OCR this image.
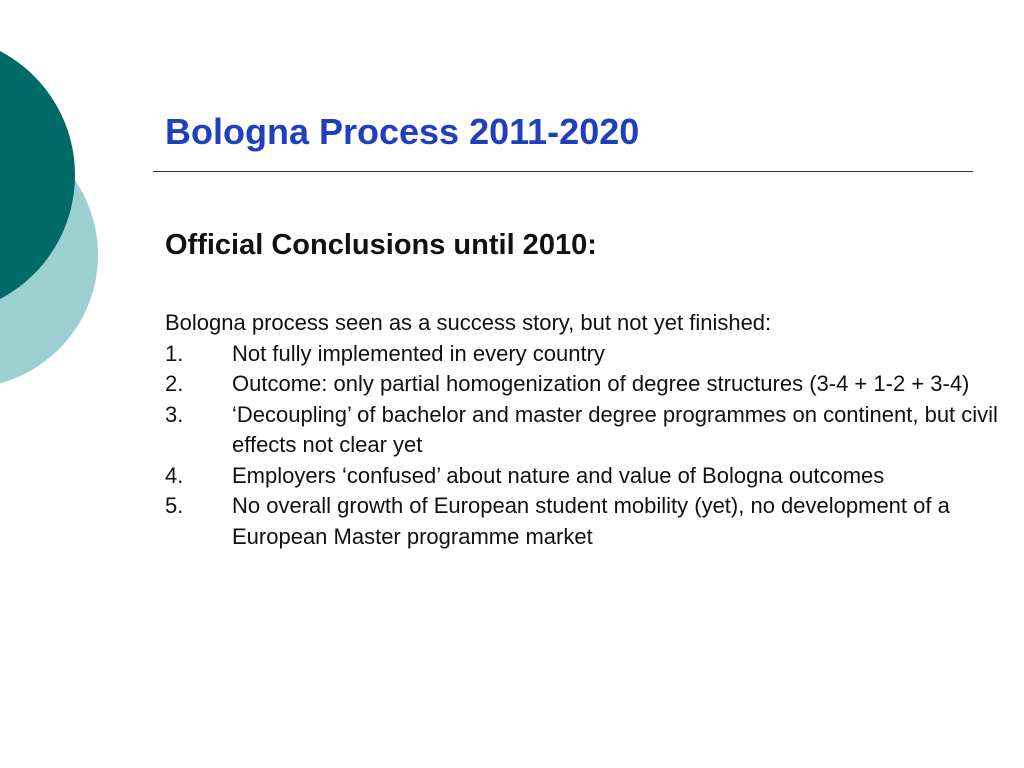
Bologna Process 2011-2020
Official Conclusions until 2010:

Bologna process seen as a success story, but not yet finished:

1.	Not fully implemented in every country
2.	Outcome: only partial homogenization of degree structures (3-4 + 1-2 + 3-4)
3.	‘Decoupling’ of bachelor and master degree programmes on continent, but civil effects not clear yet
4.	Employers ‘confused’ about nature and value of Bologna outcomes
5.	No overall growth of European student mobility (yet), no development of a European Master programme market
